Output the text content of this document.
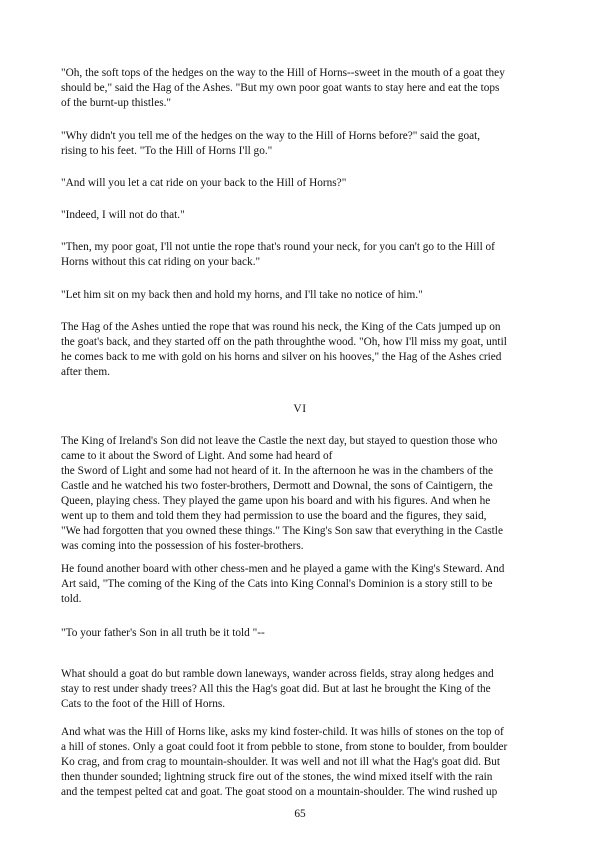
"Oh, the soft tops of the hedges on the way to the Hill of Horns--sweet in the mouth of a goat they
should be," said the Hag of the Ashes. "But my own poor goat wants to stay here and eat the tops
of the burnt-up thistles."

"Why didn't you tell me of the hedges on the way to the Hill of Horns before?" said the goat,
rising to his feet. "To the Hill of Horns I'll go."

"And will you let a cat ride on your back to the Hill of Horns?"

"Indeed, I will not do that."

"Then, my poor goat, I'll not untie the rope that's round your neck, for you can't go to the Hill of
Horns without this cat riding on your back."

"Let him sit on my back then and hold my horns, and I'll take no notice of him."

The Hag of the Ashes untied the rope that was round his neck, the King of the Cats jumped up on
the goat's back, and they started off on the path throughthe wood. "Oh, how I'll miss my goat, until
he comes back to me with gold on his horns and silver on his hooves," the Hag of the Ashes cried
after them.

VI

The King of Ireland's Son did not leave the Castle the next day, but stayed to question those who
came to it about the Sword of Light. And some had heard of
the Sword of Light and some had not heard of it. In the afternoon he was in the chambers of the
Castle and he watched his two foster-brothers, Dermott and Downal, the sons of Caintigern, the
Queen, playing chess. They played the game upon his board and with his figures. And when he
went up to them and told them they had permission to use the board and the figures, they said,
"We had forgotten that you owned these things." The King's Son saw that everything in the Castle
was coming into the possession of his foster-brothers.

He found another board with other chess-men and he played a game with the King's Steward. And
Art said, "The coming of the King of the Cats into King Connal's Dominion is a story still to be
told.

"To your father's Son in all truth be it told "--

What should a goat do but ramble down laneways, wander across fields, stray along hedges and
stay to rest under shady trees? All this the Hag's goat did. But at last he brought the King of the
Cats to the foot of the Hill of Horns.

And what was the Hill of Horns like, asks my kind foster-child. It was hills of stones on the top of
a hill of stones. Only a goat could foot it from pebble to stone, from stone to boulder, from boulder
Ko crag, and from crag to mountain-shoulder. It was well and not ill what the Hag's goat did. But
then thunder sounded; lightning struck fire out of the stones, the wind mixed itself with the rain
and the tempest pelted cat and goat. The goat stood on a mountain-shoulder. The wind rushed up

65
